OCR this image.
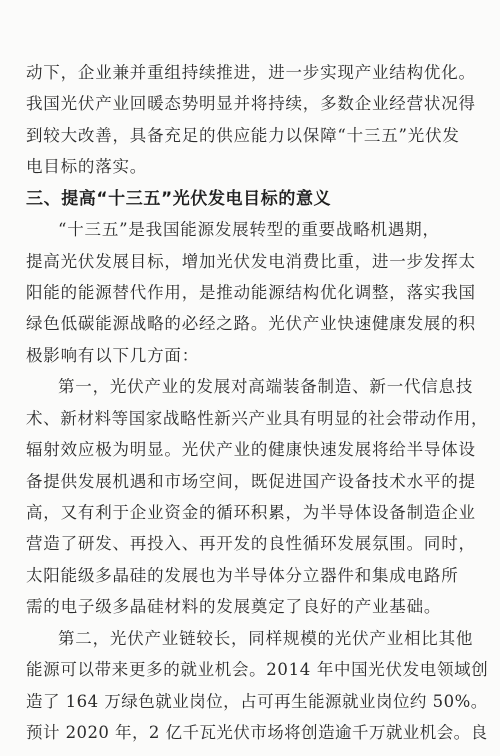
动下，企业兼并重组持续推进，进一步实现产业结构优化。
我国光伏产业回暖态势明显并将持续，多数企业经营状况得
到较大改善，具备充足的供应能力以保障“十三五”光伏发
电目标的落实。
三、提高“十三五”光伏发电目标的意义
“十三五”是我国能源发展转型的重要战略机遇期，
提高光伏发展目标，增加光伏发电消费比重，进一步发挥太
阳能的能源替代作用，是推动能源结构优化调整，落实我国
绿色低碳能源战略的必经之路。光伏产业快速健康发展的积
极影响有以下几方面：
第一，光伏产业的发展对高端装备制造、新一代信息技
术、新材料等国家战略性新兴产业具有明显的社会带动作用，
辐射效应极为明显。光伏产业的健康快速发展将给半导体设
备提供发展机遇和市场空间，既促进国产设备技术水平的提
高，又有利于企业资金的循环积累，为半导体设备制造企业
营造了研发、再投入、再开发的良性循环发展氛围。同时，
太阳能级多晶硅的发展也为半导体分立器件和集成电路所
需的电子级多晶硅材料的发展奠定了良好的产业基础。
第二，光伏产业链较长，同样规模的光伏产业相比其他
能源可以带来更多的就业机会。2014 年中国光伏发电领域创
造了 164 万绿色就业岗位，占可再生能源就业岗位约 50%。
预计 2020 年，2 亿千瓦光伏市场将创造逾千万就业机会。良
